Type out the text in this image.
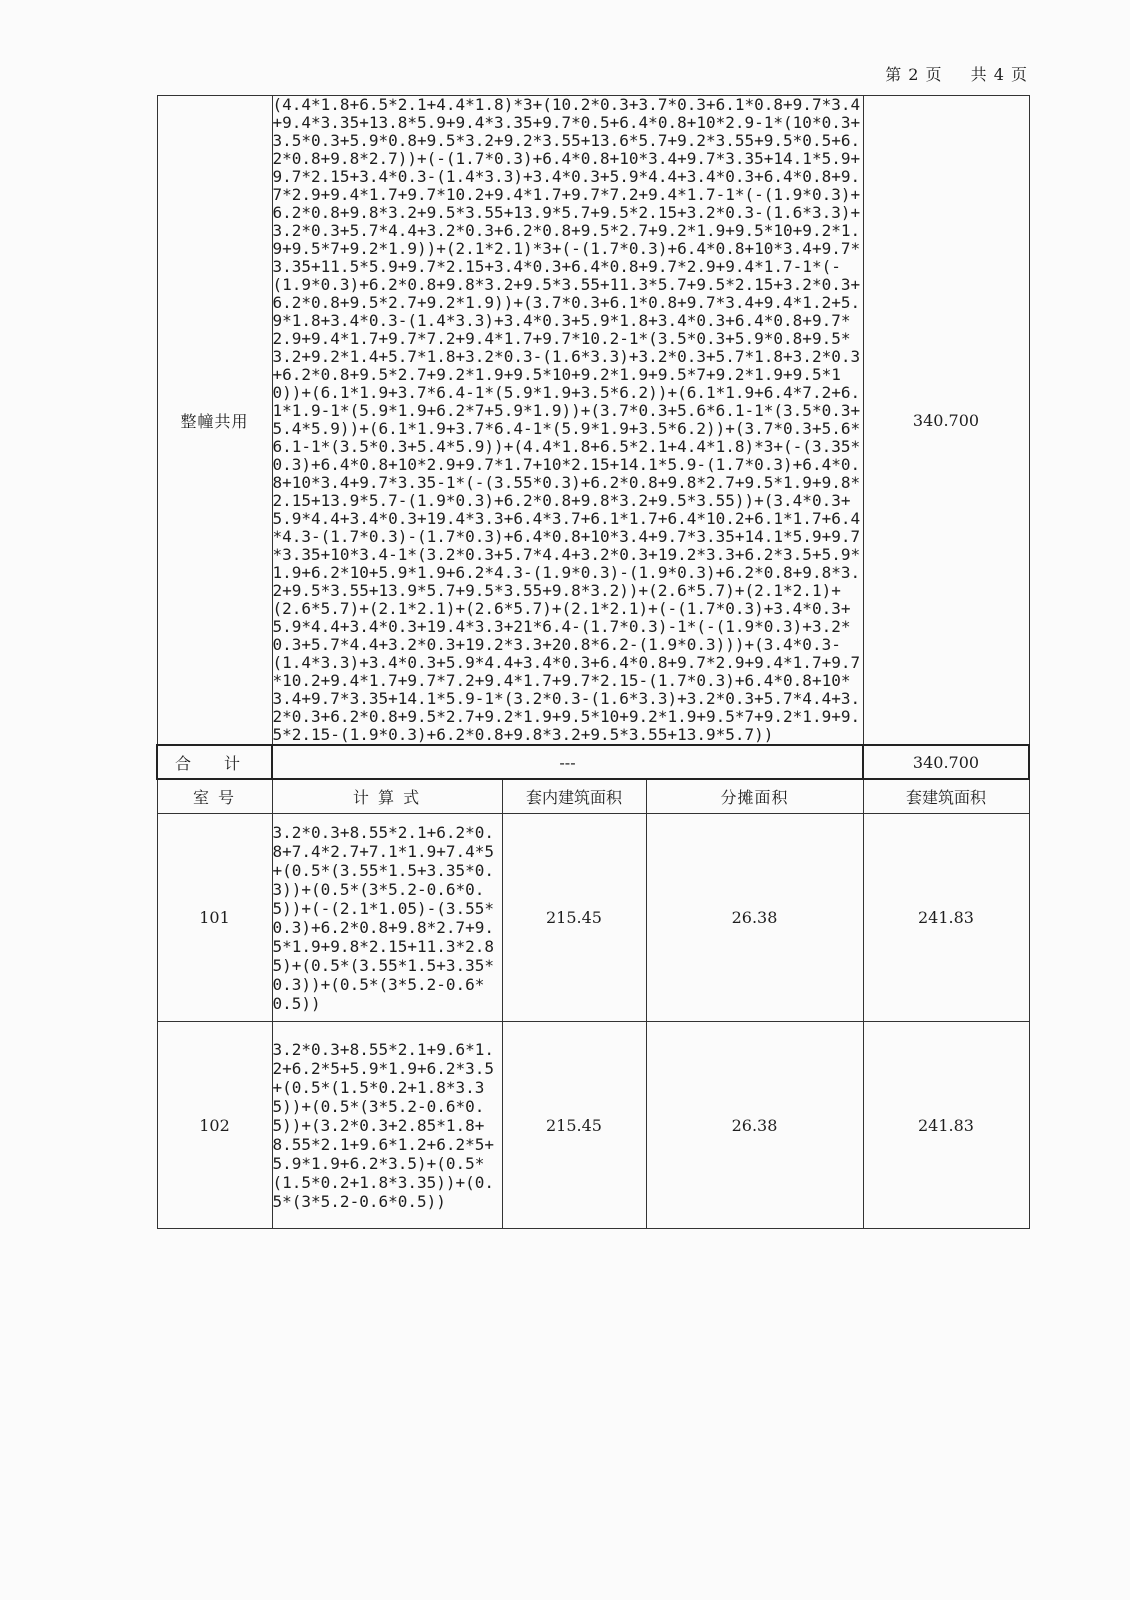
第 2 页 共 4 页
整幢共用	(4.4*1.8+6.5*2.1+4.4*1.8)*3+(10.2*0.3+3.7*0.3+6.1*0.8+9.7*3.4+9.4*3.35+13.8*5.9+9.4*3.35+9.7*0.5+6.4*0.8+10*2.9-1*(10*0.3+3.5*0.3+5.9*0.8+9.5*3.2+9.2*3.55+13.6*5.7+9.2*3.55+9.5*0.5+6.2*0.8+9.8*2.7))+(-(1.7*0.3)+6.4*0.8+10*3.4+9.7*3.35+14.1*5.9+9.7*2.15+3.4*0.3-(1.4*3.3)+3.4*0.3+5.9*4.4+3.4*0.3+6.4*0.8+9.7*2.9+9.4*1.7+9.7*10.2+9.4*1.7+9.7*7.2+9.4*1.7-1*(-(1.9*0.3)+6.2*0.8+9.8*3.2+9.5*3.55+13.9*5.7+9.5*2.15+3.2*0.3-(1.6*3.3)+3.2*0.3+5.7*4.4+3.2*0.3+6.2*0.8+9.5*2.7+9.2*1.9+9.5*10+9.2*1.9+9.5*7+9.2*1.9))+(2.1*2.1)*3+(-(1.7*0.3)+6.4*0.8+10*3.4+9.7*3.35+11.5*5.9+9.7*2.15+3.4*0.3+6.4*0.8+9.7*2.9+9.4*1.7-1*(-(1.9*0.3)+6.2*0.8+9.8*3.2+9.5*3.55+11.3*5.7+9.5*2.15+3.2*0.3+6.2*0.8+9.5*2.7+9.2*1.9))+(3.7*0.3+6.1*0.8+9.7*3.4+9.4*1.2+5.9*1.8+3.4*0.3-(1.4*3.3)+3.4*0.3+5.9*1.8+3.4*0.3+6.4*0.8+9.7*2.9+9.4*1.7+9.7*7.2+9.4*1.7+9.7*10.2-1*(3.5*0.3+5.9*0.8+9.5*3.2+9.2*1.4+5.7*1.8+3.2*0.3-(1.6*3.3)+3.2*0.3+5.7*1.8+3.2*0.3+6.2*0.8+9.5*2.7+9.2*1.9+9.5*10+9.2*1.9+9.5*7+9.2*1.9+9.5*10))+(6.1*1.9+3.7*6.4-1*(5.9*1.9+3.5*6.2))+(6.1*1.9+6.4*7.2+6.1*1.9-1*(5.9*1.9+6.2*7+5.9*1.9))+(3.7*0.3+5.6*6.1-1*(3.5*0.3+5.4*5.9))+(6.1*1.9+3.7*6.4-1*(5.9*1.9+3.5*6.2))+(3.7*0.3+5.6*6.1-1*(3.5*0.3+5.4*5.9))+(4.4*1.8+6.5*2.1+4.4*1.8)*3+(-(3.35*0.3)+6.4*0.8+10*2.9+9.7*1.7+10*2.15+14.1*5.9-(1.7*0.3)+6.4*0.8+10*3.4+9.7*3.35-1*(-(3.55*0.3)+6.2*0.8+9.8*2.7+9.5*1.9+9.8*2.15+13.9*5.7-(1.9*0.3)+6.2*0.8+9.8*3.2+9.5*3.55))+(3.4*0.3+5.9*4.4+3.4*0.3+19.4*3.3+6.4*3.7+6.1*1.7+6.4*10.2+6.1*1.7+6.4*4.3-(1.7*0.3)-(1.7*0.3)+6.4*0.8+10*3.4+9.7*3.35+14.1*5.9+9.7*3.35+10*3.4-1*(3.2*0.3+5.7*4.4+3.2*0.3+19.2*3.3+6.2*3.5+5.9*1.9+6.2*10+5.9*1.9+6.2*4.3-(1.9*0.3)-(1.9*0.3)+6.2*0.8+9.8*3.2+9.5*3.55+13.9*5.7+9.5*3.55+9.8*3.2))+(2.6*5.7)+(2.1*2.1)+(2.6*5.7)+(2.1*2.1)+(2.6*5.7)+(2.1*2.1)+(-(1.7*0.3)+3.4*0.3+5.9*4.4+3.4*0.3+19.4*3.3+21*6.4-(1.7*0.3)-1*(-(1.9*0.3)+3.2*0.3+5.7*4.4+3.2*0.3+19.2*3.3+20.8*6.2-(1.9*0.3)))+(3.4*0.3-(1.4*3.3)+3.4*0.3+5.9*4.4+3.4*0.3+6.4*0.8+9.7*2.9+9.4*1.7+9.7*10.2+9.4*1.7+9.7*7.2+9.4*1.7+9.7*2.15-(1.7*0.3)+6.4*0.8+10*3.4+9.7*3.35+14.1*5.9-1*(3.2*0.3-(1.6*3.3)+3.2*0.3+5.7*4.4+3.2*0.3+6.2*0.8+9.5*2.7+9.2*1.9+9.5*10+9.2*1.9+9.5*7+9.2*1.9+9.5*2.15-(1.9*0.3)+6.2*0.8+9.8*3.2+9.5*3.55+13.9*5.7))			340.700
合 计	---			340.700
室 号	计 算 式	套内建筑面积	分摊面积	套建筑面积
101	3.2*0.3+8.55*2.1+6.2*0.8+7.4*2.7+7.1*1.9+7.4*5+(0.5*(3.55*1.5+3.35*0.3))+(0.5*(3*5.2-0.6*0.5))+(-(2.1*1.05)-(3.55*0.3)+6.2*0.8+9.8*2.7+9.5*1.9+9.8*2.15+11.3*2.85)+(0.5*(3.55*1.5+3.35*0.3))+(0.5*(3*5.2-0.6*0.5))	215.45	26.38	241.83
102	3.2*0.3+8.55*2.1+9.6*1.2+6.2*5+5.9*1.9+6.2*3.5+(0.5*(1.5*0.2+1.8*3.35))+(0.5*(3*5.2-0.6*0.5))+(3.2*0.3+2.85*1.8+8.55*2.1+9.6*1.2+6.2*5+5.9*1.9+6.2*3.5)+(0.5*(1.5*0.2+1.8*3.35))+(0.5*(3*5.2-0.6*0.5))	215.45	26.38	241.83
